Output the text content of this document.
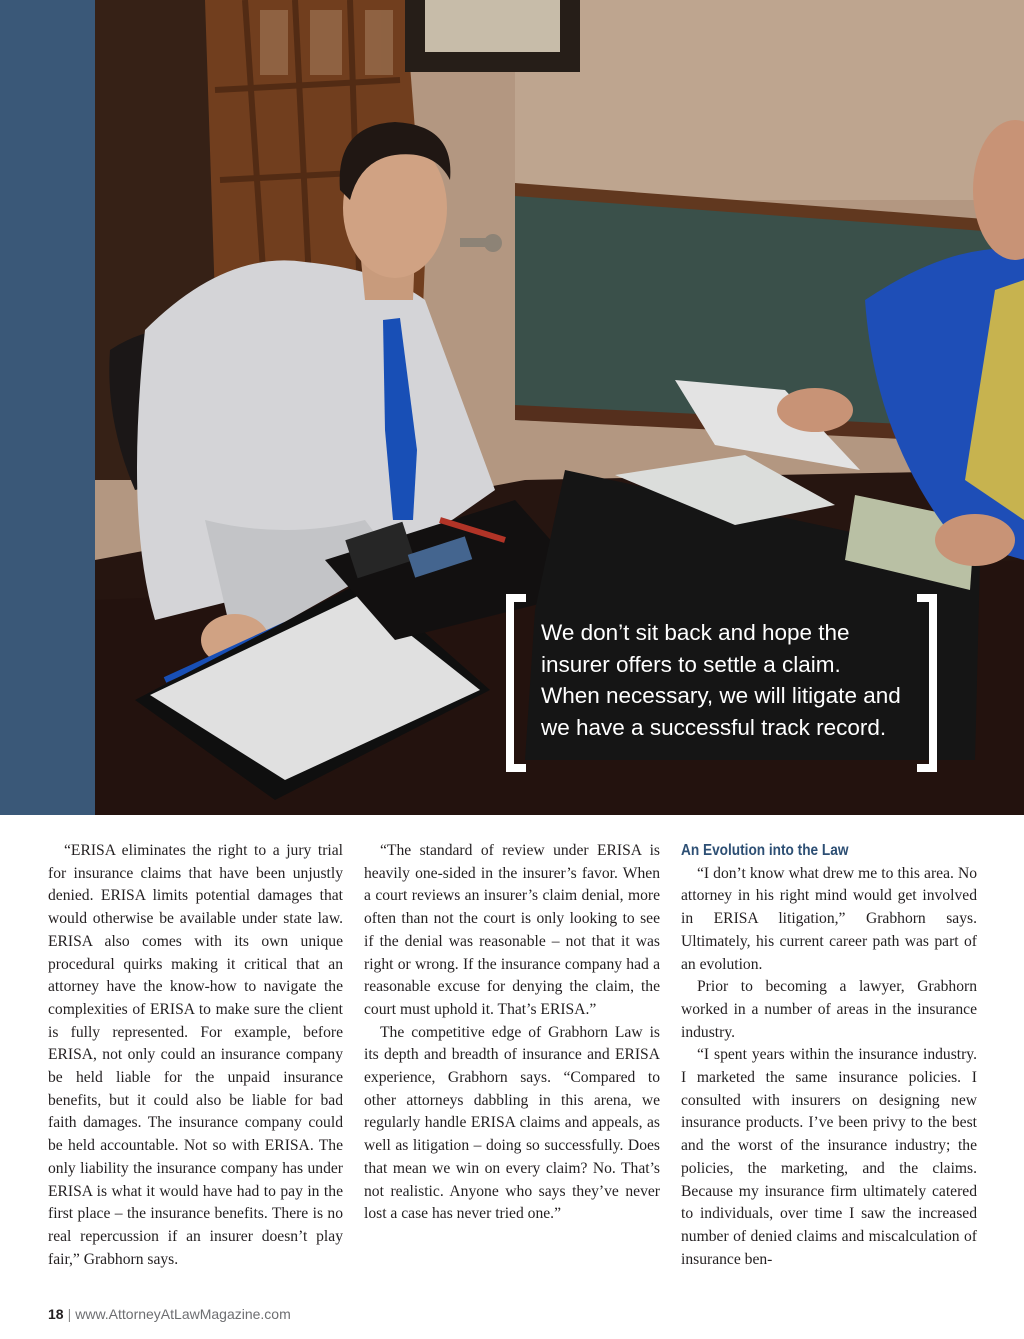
We don’t sit back and hope the
insurer offers to settle a claim.
When necessary, we will litigate and
we have a successful track record.

“ERISA eliminates the right to a jury trial for insurance claims that have been unjustly denied. ERISA limits potential damages that would otherwise be available under state law. ERISA also comes with its own unique procedural quirks making it critical that an attorney have the know-how to navigate the complexities of ERISA to make sure the client is fully represented. For example, before ERISA, not only could an insurance company be held liable for the unpaid insurance benefits, but it could also be liable for bad faith damages. The insurance company could be held accountable. Not so with ERISA. The only liability the insurance company has under ERISA is what it would have had to pay in the first place – the insurance benefits. There is no real repercussion if an insurer doesn’t play fair,” Grabhorn says.

“The standard of review under ERISA is heavily one-sided in the insurer’s favor. When a court reviews an insurer’s claim denial, more often than not the court is only looking to see if the denial was reasonable – not that it was right or wrong. If the insurance company had a reasonable excuse for denying the claim, the court must uphold it. That’s ERISA.”

The competitive edge of Grabhorn Law is its depth and breadth of insurance and ERISA experience, Grabhorn says. “Compared to other attorneys dabbling in this arena, we regularly handle ERISA claims and appeals, as well as litigation – doing so successfully. Does that mean we win on every claim? No. That’s not realistic. Anyone who says they’ve never lost a case has never tried one.”

An Evolution into the Law

“I don’t know what drew me to this area. No attorney in his right mind would get involved in ERISA litigation,” Grabhorn says. Ultimately, his current career path was part of an evolution.

Prior to becoming a lawyer, Grabhorn worked in a number of areas in the insurance industry.

“I spent years within the insurance industry. I marketed the same insurance policies. I consulted with insurers on designing new insurance products. I’ve been privy to the best and the worst of the insurance industry; the policies, the marketing, and the claims. Because my insurance firm ultimately catered to individuals, over time I saw the increased number of denied claims and miscalculation of insurance ben-

18 | www.AttorneyAtLawMagazine.com
